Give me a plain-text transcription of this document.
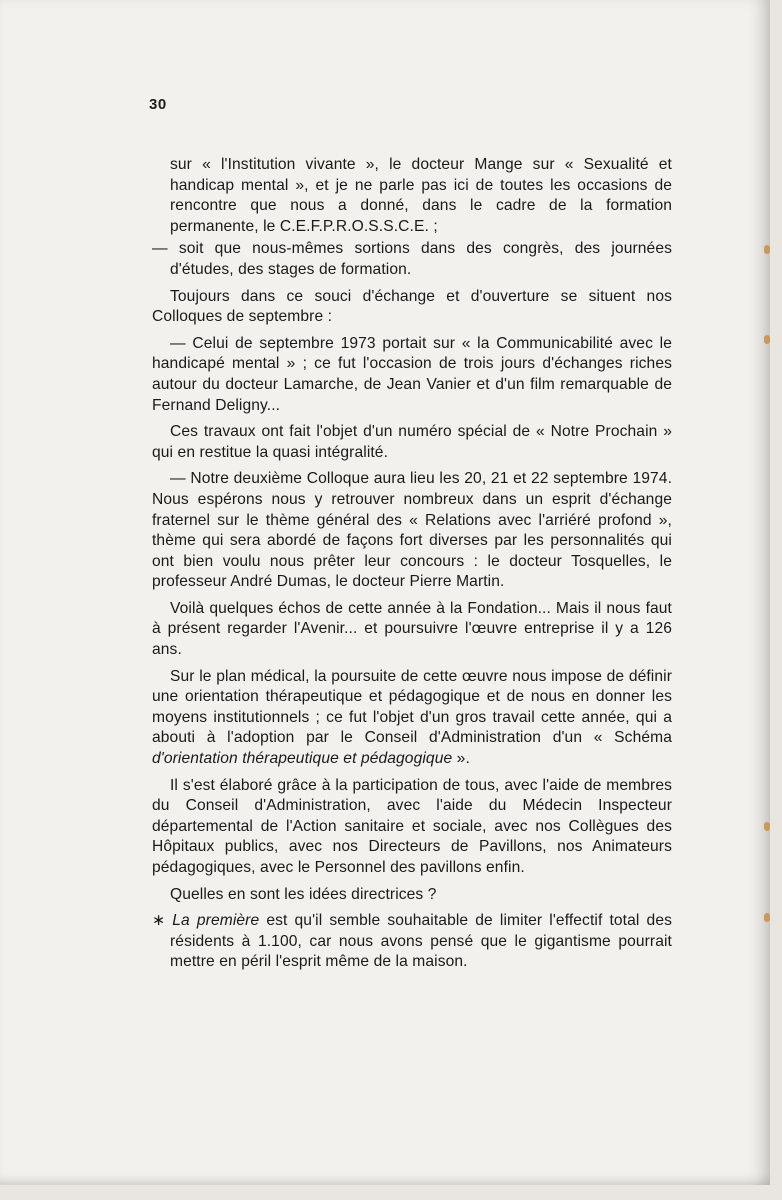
30

sur « l'Institution vivante », le docteur Mange sur « Sexualité et handicap mental », et je ne parle pas ici de toutes les occasions de rencontre que nous a donné, dans le cadre de la formation permanente, le C.E.F.P.R.O.S.S.C.E. ;

— soit que nous-mêmes sortions dans des congrès, des journées d'études, des stages de formation.

Toujours dans ce souci d'échange et d'ouverture se situent nos Colloques de septembre :

— Celui de septembre 1973 portait sur « la Communicabilité avec le handicapé mental » ; ce fut l'occasion de trois jours d'échanges riches autour du docteur Lamarche, de Jean Vanier et d'un film remarquable de Fernand Deligny...

Ces travaux ont fait l'objet d'un numéro spécial de « Notre Prochain » qui en restitue la quasi intégralité.

— Notre deuxième Colloque aura lieu les 20, 21 et 22 septembre 1974. Nous espérons nous y retrouver nombreux dans un esprit d'échange fraternel sur le thème général des « Relations avec l'arriéré profond », thème qui sera abordé de façons fort diverses par les personnalités qui ont bien voulu nous prêter leur concours : le docteur Tosquelles, le professeur André Dumas, le docteur Pierre Martin.

Voilà quelques échos de cette année à la Fondation... Mais il nous faut à présent regarder l'Avenir... et poursuivre l'œuvre entreprise il y a 126 ans.

Sur le plan médical, la poursuite de cette œuvre nous impose de définir une orientation thérapeutique et pédagogique et de nous en donner les moyens institutionnels ; ce fut l'objet d'un gros travail cette année, qui a abouti à l'adoption par le Conseil d'Administration d'un « Schéma d'orientation thérapeutique et pédagogique ».

Il s'est élaboré grâce à la participation de tous, avec l'aide de membres du Conseil d'Administration, avec l'aide du Médecin Inspecteur départemental de l'Action sanitaire et sociale, avec nos Collègues des Hôpitaux publics, avec nos Directeurs de Pavillons, nos Animateurs pédagogiques, avec le Personnel des pavillons enfin.

Quelles en sont les idées directrices ?

∗ La première est qu'il semble souhaitable de limiter l'effectif total des résidents à 1.100, car nous avons pensé que le gigantisme pourrait mettre en péril l'esprit même de la maison.
